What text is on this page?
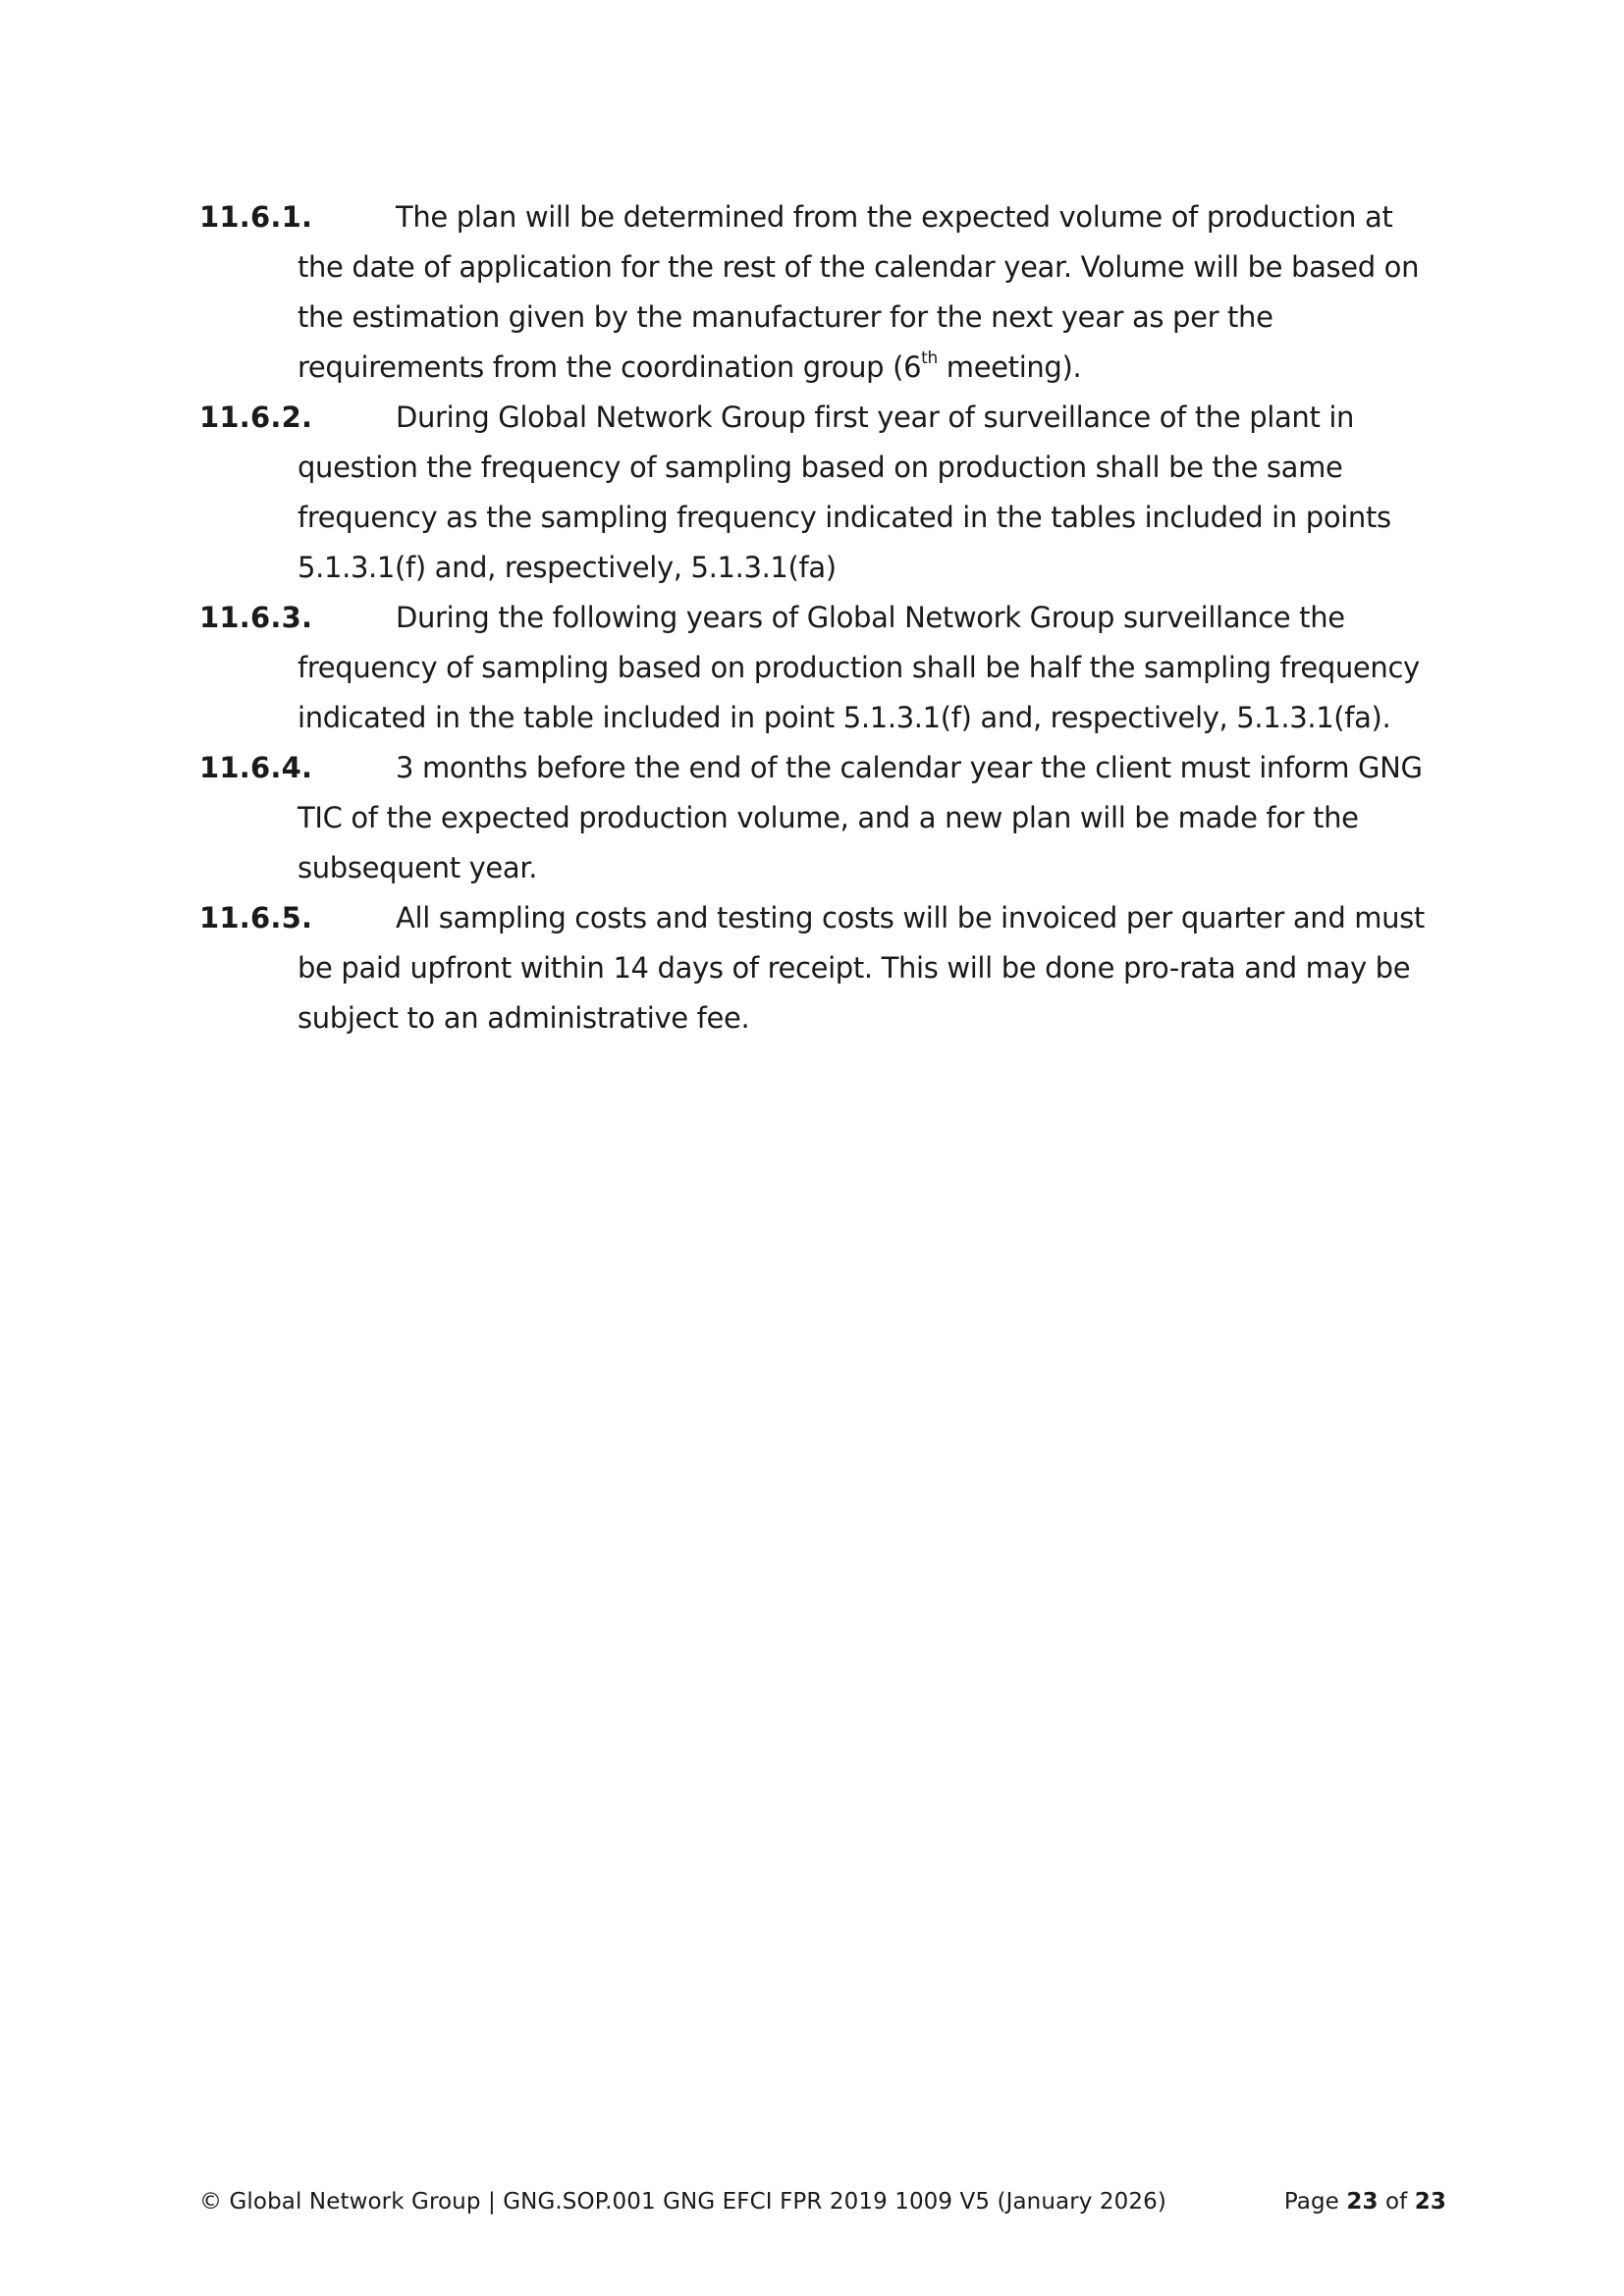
11.6.1.	The plan will be determined from the expected volume of production at the date of application for the rest of the calendar year. Volume will be based on the estimation given by the manufacturer for the next year as per the requirements from the coordination group (6th meeting).
11.6.2.	During Global Network Group first year of surveillance of the plant in question the frequency of sampling based on production shall be the same frequency as the sampling frequency indicated in the tables included in points 5.1.3.1(f) and, respectively, 5.1.3.1(fa)
11.6.3.	During the following years of Global Network Group surveillance the frequency of sampling based on production shall be half the sampling frequency indicated in the table included in point 5.1.3.1(f) and, respectively, 5.1.3.1(fa).
11.6.4.	3 months before the end of the calendar year the client must inform GNG TIC of the expected production volume, and a new plan will be made for the subsequent year.
11.6.5.	All sampling costs and testing costs will be invoiced per quarter and must be paid upfront within 14 days of receipt. This will be done pro-rata and may be subject to an administrative fee.
© Global Network Group | GNG.SOP.001 GNG EFCI FPR 2019 1009 V5 (January 2026)	Page 23 of 23
